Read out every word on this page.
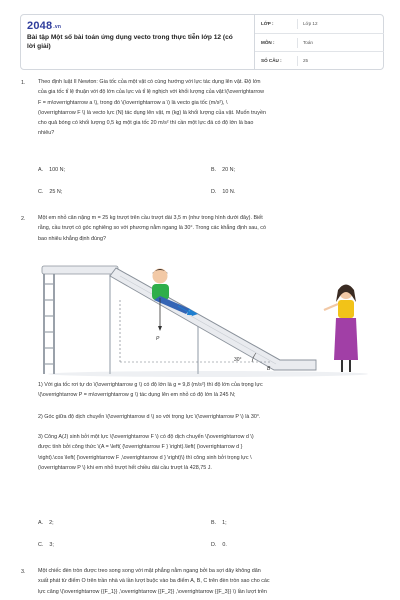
2048.vn
Bài tập Một số bài toán ứng dụng vecto trong thực tiễn lớp 12 (có lời giải)
LỚP :	Lớp 12
MÔN :	Toán
SỐ CÂU :	25
1. Theo định luật II Newton: Gia tốc của một vật có cùng hướng với lực tác dụng lên vật. Độ lớn
của gia tốc tỉ lệ thuận với độ lớn của lực và tỉ lệ nghịch với khối lượng của vật:\(\overrightarrow
F = m\overrightarrow a \), trong đó \(\overrightarrow a \) là vecto gia tốc (m/s²), \
(\overrightarrow F \) là vecto lực (N) tác dụng lên vật, m (kg) là khối lượng của vật. Muốn truyền
cho quả bóng có khối lượng 0,5 kg một gia tốc 20 m/s² thì cần một lực đá có độ lớn là bao
nhiêu?
A. 100 N;	B. 20 N;
C. 25 N;	D. 10 N.
2. Một em nhỏ cân nặng m = 25 kg trượt trên cầu trượt dài 3,5 m (như trong hình dưới đây). Biết
rằng, cầu trượt có góc nghiêng so với phương nằm ngang là 30°. Trong các khẳng định sau, có
bao nhiêu khẳng định đúng?
30°
B
P
1) Với gia tốc rơi tự do \(\overrightarrow g \) có độ lớn là g = 9,8 (m/s²) thì độ lớn của trọng lực
\(\overrightarrow P = m\overrightarrow g \) tác dụng lên em nhỏ có độ lớn là 245 N;
2) Góc giữa độ dịch chuyển \(\overrightarrow d \) so với trọng lực \(\overrightarrow P \) là 30°.
3) Công A(J) sinh bởi một lực \(\overrightarrow F \) có độ dịch chuyển \(\overrightarrow d \)
được tính bởi công thức \(A = \left( {\overrightarrow F } \right).\left( {\overrightarrow d }
\right).\cos \left( {\overrightarrow F ,\overrightarrow d } \right)\) thì công sinh bởi trọng lực \
(\overrightarrow P \) khi em nhỏ trượt hết chiều dài cầu trượt là 428,75 J.
A. 2;	B. 1;
C. 3;	D. 0.
3. Một chiếc đèn tròn được treo song song với mặt phẳng nằm ngang bởi ba sợi dây không dãn
xuất phát từ điểm O trên trần nhà và lần lượt buộc vào ba điểm A, B, C trên đèn tròn sao cho các
lực căng \(\overrightarrow {{F_1}} ,\overrightarrow {{F_2}} ,\overrightarrow {{F_3}} \) lần lượt trên
